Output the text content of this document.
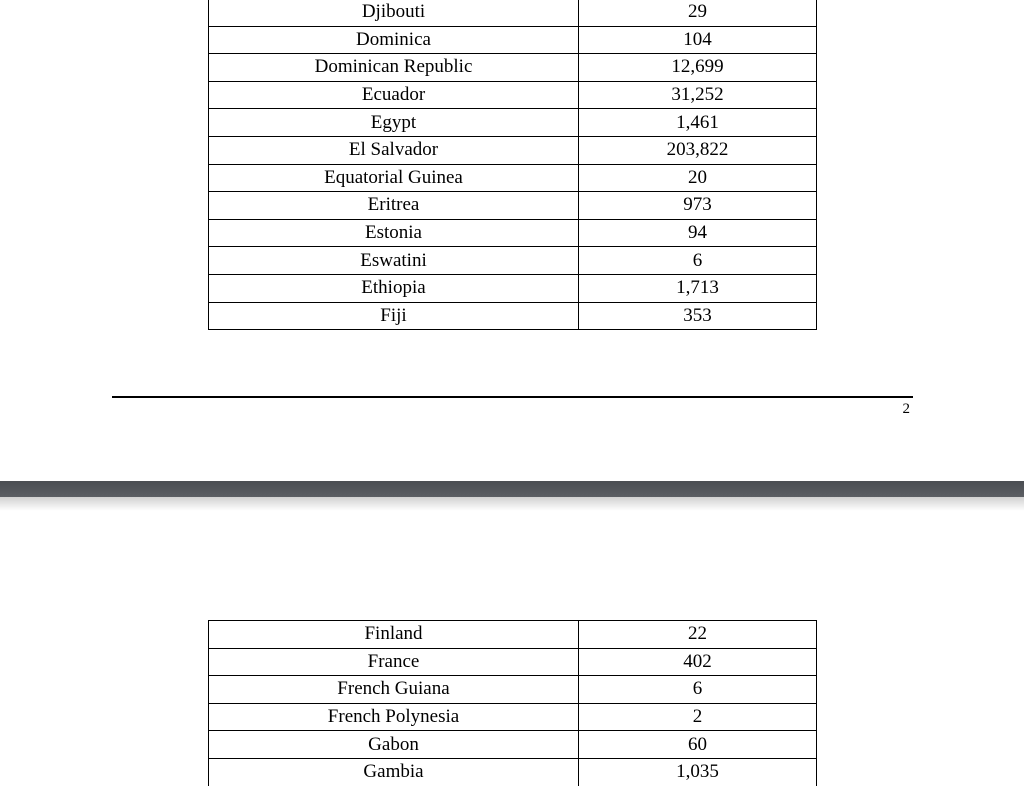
Djibouti	29
Dominica	104
Dominican Republic	12,699
Ecuador	31,252
Egypt	1,461
El Salvador	203,822
Equatorial Guinea	20
Eritrea	973
Estonia	94
Eswatini	6
Ethiopia	1,713
Fiji	353
2
Finland	22
France	402
French Guiana	6
French Polynesia	2
Gabon	60
Gambia	1,035
